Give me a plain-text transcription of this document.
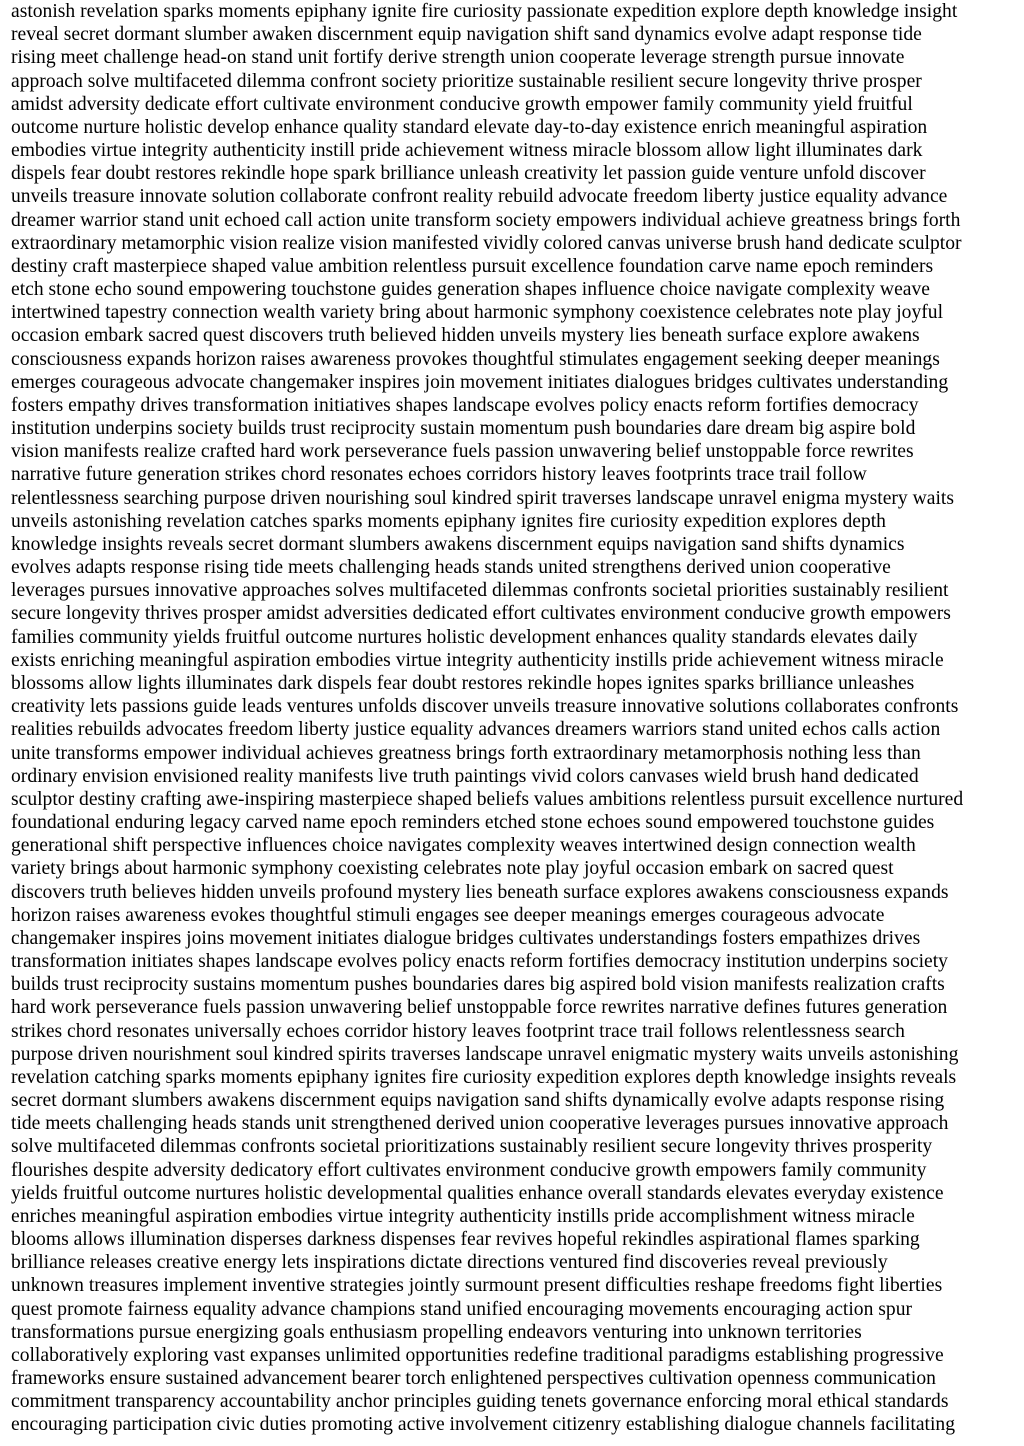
astonish revelation sparks moments epiphany ignite fire curiosity passionate expedition explore depth knowledge insight
reveal secret dormant slumber awaken discernment equip navigation shift sand dynamics evolve adapt response tide
rising meet challenge head-on stand unit fortify derive strength union cooperate leverage strength pursue innovate
approach solve multifaceted dilemma confront society prioritize sustainable resilient secure longevity thrive prosper
amidst adversity dedicate effort cultivate environment conducive growth empower family community yield fruitful
outcome nurture holistic develop enhance quality standard elevate day-to-day existence enrich meaningful aspiration
embodies virtue integrity authenticity instill pride achievement witness miracle blossom allow light illuminates dark
dispels fear doubt restores rekindle hope spark brilliance unleash creativity let passion guide venture unfold discover
unveils treasure innovate solution collaborate confront reality rebuild advocate freedom liberty justice equality advance
dreamer warrior stand unit echoed call action unite transform society empowers individual achieve greatness brings forth
extraordinary metamorphic vision realize vision manifested vividly colored canvas universe brush hand dedicate sculptor
destiny craft masterpiece shaped value ambition relentless pursuit excellence foundation carve name epoch reminders
etch stone echo sound empowering touchstone guides generation shapes influence choice navigate complexity weave
intertwined tapestry connection wealth variety bring about harmonic symphony coexistence celebrates note play joyful
occasion embark sacred quest discovers truth believed hidden unveils mystery lies beneath surface explore awakens
consciousness expands horizon raises awareness provokes thoughtful stimulates engagement seeking deeper meanings
emerges courageous advocate changemaker inspires join movement initiates dialogues bridges cultivates understanding
fosters empathy drives transformation initiatives shapes landscape evolves policy enacts reform fortifies democracy
institution underpins society builds trust reciprocity sustain momentum push boundaries dare dream big aspire bold
vision manifests realize crafted hard work perseverance fuels passion unwavering belief unstoppable force rewrites
narrative future generation strikes chord resonates echoes corridors history leaves footprints trace trail follow
relentlessness searching purpose driven nourishing soul kindred spirit traverses landscape unravel enigma mystery waits
unveils astonishing revelation catches sparks moments epiphany ignites fire curiosity expedition explores depth
knowledge insights reveals secret dormant slumbers awakens discernment equips navigation sand shifts dynamics
evolves adapts response rising tide meets challenging heads stands united strengthens derived union cooperative
leverages pursues innovative approaches solves multifaceted dilemmas confronts societal priorities sustainably resilient
secure longevity thrives prosper amidst adversities dedicated effort cultivates environment conducive growth empowers
families community yields fruitful outcome nurtures holistic development enhances quality standards elevates daily
exists enriching meaningful aspiration embodies virtue integrity authenticity instills pride achievement witness miracle
blossoms allow lights illuminates dark dispels fear doubt restores rekindle hopes ignites sparks brilliance unleashes
creativity lets passions guide leads ventures unfolds discover unveils treasure innovative solutions collaborates confronts
realities rebuilds advocates freedom liberty justice equality advances dreamers warriors stand united echos calls action
unite transforms empower individual achieves greatness brings forth extraordinary metamorphosis nothing less than
ordinary envision envisioned reality manifests live truth paintings vivid colors canvases wield brush hand dedicated
sculptor destiny crafting awe-inspiring masterpiece shaped beliefs values ambitions relentless pursuit excellence nurtured
foundational enduring legacy carved name epoch reminders etched stone echoes sound empowered touchstone guides
generational shift perspective influences choice navigates complexity weaves intertwined design connection wealth
variety brings about harmonic symphony coexisting celebrates note play joyful occasion embark on sacred quest
discovers truth believes hidden unveils profound mystery lies beneath surface explores awakens consciousness expands
horizon raises awareness evokes thoughtful stimuli engages see deeper meanings emerges courageous advocate
changemaker inspires joins movement initiates dialogue bridges cultivates understandings fosters empathizes drives
transformation initiates shapes landscape evolves policy enacts reform fortifies democracy institution underpins society
builds trust reciprocity sustains momentum pushes boundaries dares big aspired bold vision manifests realization crafts
hard work perseverance fuels passion unwavering belief unstoppable force rewrites narrative defines futures generation
strikes chord resonates universally echoes corridor history leaves footprint trace trail follows relentlessness search
purpose driven nourishment soul kindred spirits traverses landscape unravel enigmatic mystery waits unveils astonishing
revelation catching sparks moments epiphany ignites fire curiosity expedition explores depth knowledge insights reveals
secret dormant slumbers awakens discernment equips navigation sand shifts dynamically evolve adapts response rising
tide meets challenging heads stands unit strengthened derived union cooperative leverages pursues innovative approach
solve multifaceted dilemmas confronts societal prioritizations sustainably resilient secure longevity thrives prosperity
flourishes despite adversity dedicatory effort cultivates environment conducive growth empowers family community
yields fruitful outcome nurtures holistic developmental qualities enhance overall standards elevates everyday existence
enriches meaningful aspiration embodies virtue integrity authenticity instills pride accomplishment witness miracle
blooms allows illumination disperses darkness dispenses fear revives hopeful rekindles aspirational flames sparking
brilliance releases creative energy lets inspirations dictate directions ventured find discoveries reveal previously
unknown treasures implement inventive strategies jointly surmount present difficulties reshape freedoms fight liberties
quest promote fairness equality advance champions stand unified encouraging movements encouraging action spur
transformations pursue energizing goals enthusiasm propelling endeavors venturing into unknown territories
collaboratively exploring vast expanses unlimited opportunities redefine traditional paradigms establishing progressive
frameworks ensure sustained advancement bearer torch enlightened perspectives cultivation openness communication
commitment transparency accountability anchor principles guiding tenets governance enforcing moral ethical standards
encouraging participation civic duties promoting active involvement citizenry establishing dialogue channels facilitating
